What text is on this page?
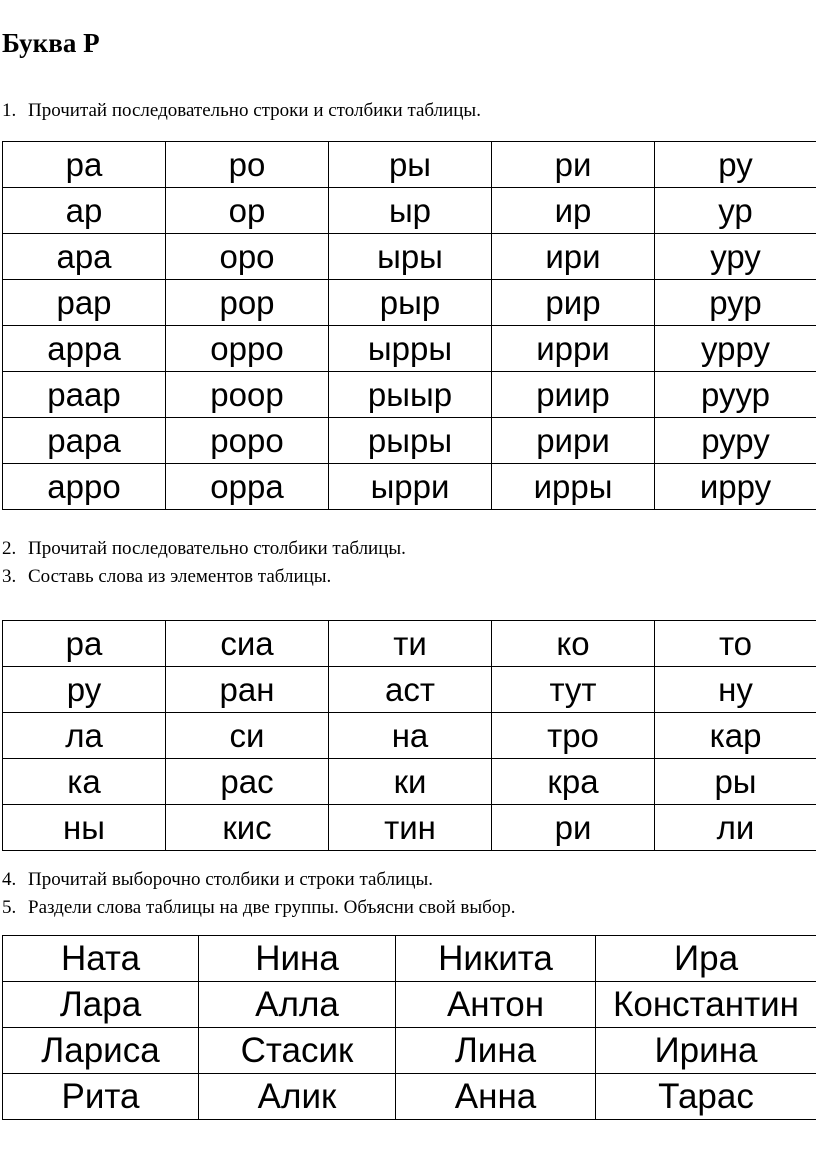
Буква Р
1. Прочитай последовательно строки и столбики таблицы.
ра	ро	ры	ри	ру
ар	ор	ыр	ир	ур
ара	оро	ыры	ири	уру
рар	рор	рыр	рир	рур
арра	орро	ырры	ирри	урру
раар	роор	рыыр	риир	руур
рара	роро	рыры	рири	руру
арро	орра	ырри	ирры	ирру
2. Прочитай последовательно столбики таблицы.
3. Составь слова из элементов таблицы.
ра	сиа	ти	ко	то
ру	ран	аст	тут	ну
ла	си	на	тро	кар
ка	рас	ки	кра	ры
ны	кис	тин	ри	ли
4. Прочитай выборочно столбики и строки таблицы.
5. Раздели слова таблицы на две группы. Объясни свой выбор.
Ната	Нина	Никита	Ира
Лара	Алла	Антон	Константин
Лариса	Стасик	Лина	Ирина
Рита	Алик	Анна	Тарас
